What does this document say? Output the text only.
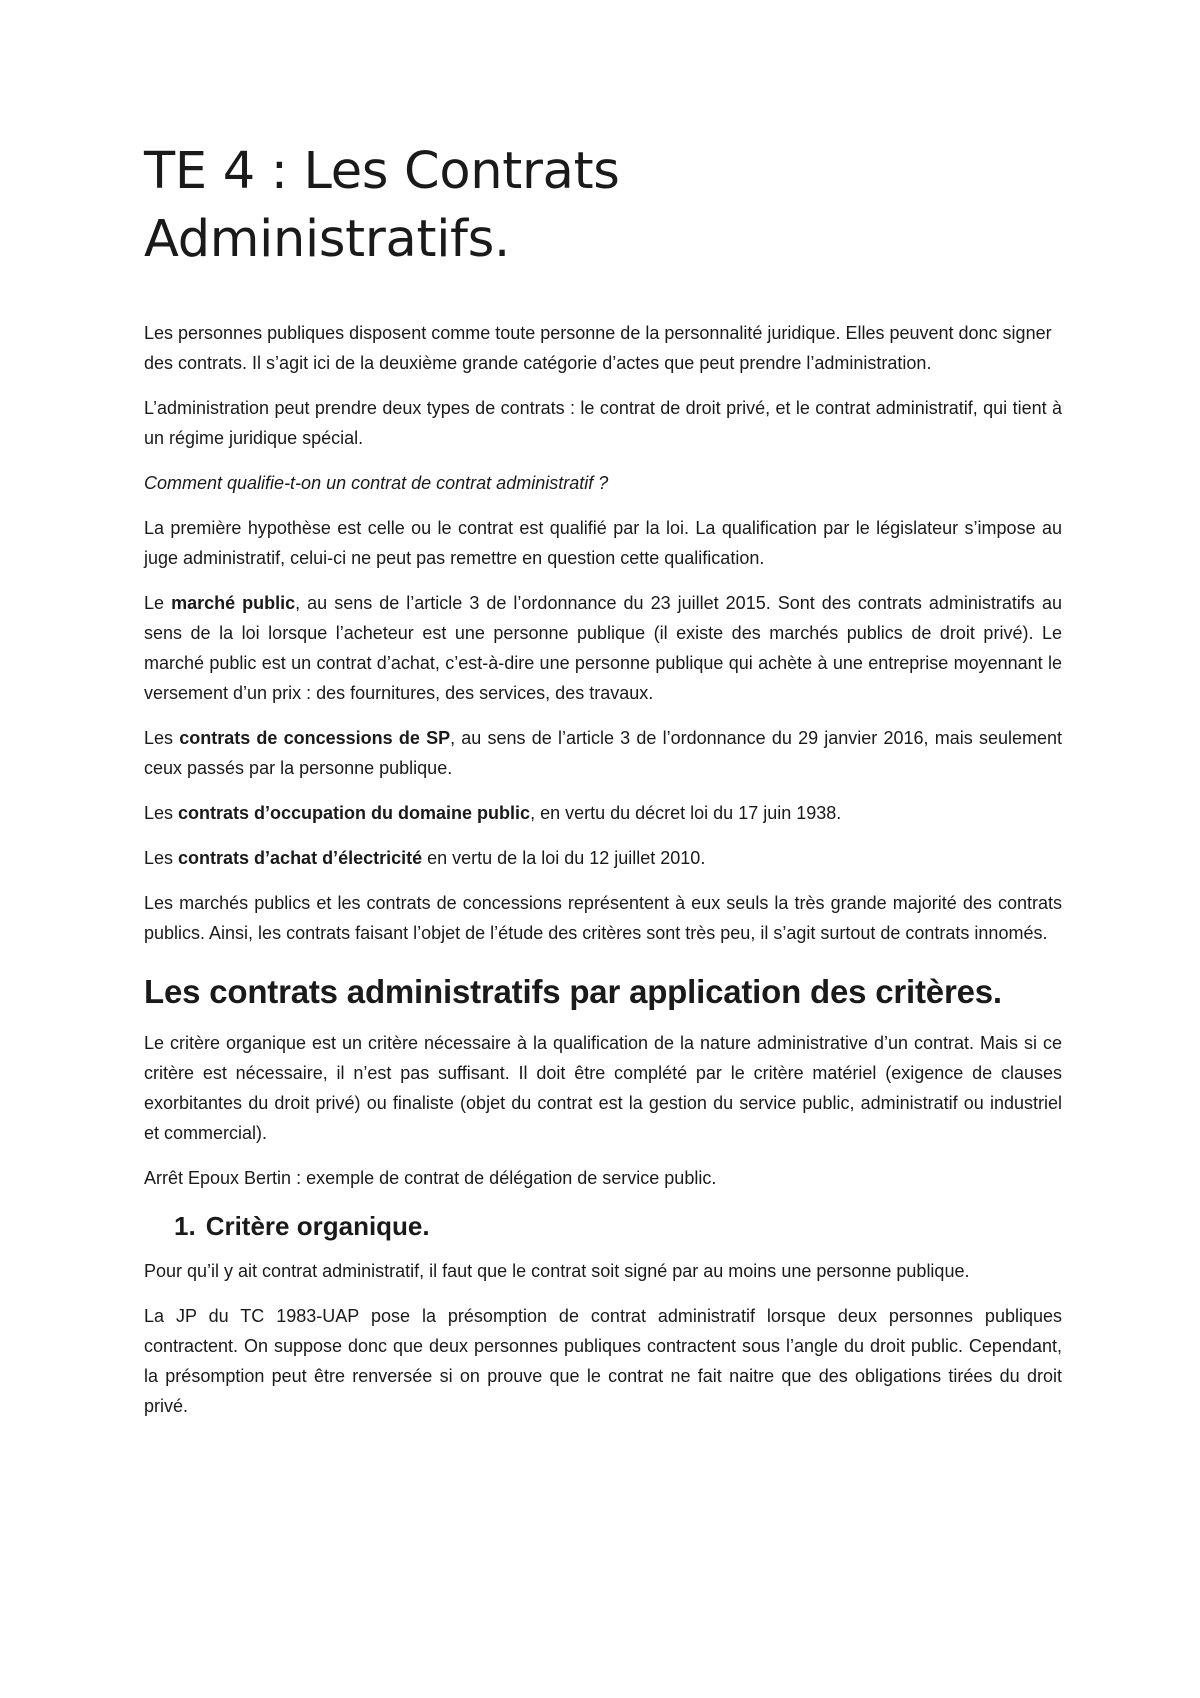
TE 4 : Les Contrats
Administratifs.

Les personnes publiques disposent comme toute personne de la personnalité juridique. Elles peuvent donc signer des contrats. Il s’agit ici de la deuxième grande catégorie d’actes que peut prendre l’administration.

L’administration peut prendre deux types de contrats : le contrat de droit privé, et le contrat administratif, qui tient à un régime juridique spécial.

Comment qualifie-t-on un contrat de contrat administratif ?

La première hypothèse est celle ou le contrat est qualifié par la loi. La qualification par le législateur s’impose au juge administratif, celui-ci ne peut pas remettre en question cette qualification.

Le marché public, au sens de l’article 3 de l’ordonnance du 23 juillet 2015. Sont des contrats administratifs au sens de la loi lorsque l’acheteur est une personne publique (il existe des marchés publics de droit privé). Le marché public est un contrat d’achat, c’est-à-dire une personne publique qui achète à une entreprise moyennant le versement d’un prix : des fournitures, des services, des travaux.

Les contrats de concessions de SP, au sens de l’article 3 de l’ordonnance du 29 janvier 2016, mais seulement ceux passés par la personne publique.

Les contrats d’occupation du domaine public, en vertu du décret loi du 17 juin 1938.

Les contrats d’achat d’électricité en vertu de la loi du 12 juillet 2010.

Les marchés publics et les contrats de concessions représentent à eux seuls la très grande majorité des contrats publics. Ainsi, les contrats faisant l’objet de l’étude des critères sont très peu, il s’agit surtout de contrats innomés.

Les contrats administratifs par application des critères.

Le critère organique est un critère nécessaire à la qualification de la nature administrative d’un contrat. Mais si ce critère est nécessaire, il n’est pas suffisant. Il doit être complété par le critère matériel (exigence de clauses exorbitantes du droit privé) ou finaliste (objet du contrat est la gestion du service public, administratif ou industriel et commercial).

Arrêt Epoux Bertin : exemple de contrat de délégation de service public.

1. Critère organique.

Pour qu’il y ait contrat administratif, il faut que le contrat soit signé par au moins une personne publique.

La JP du TC 1983-UAP pose la présomption de contrat administratif lorsque deux personnes publiques contractent. On suppose donc que deux personnes publiques contractent sous l’angle du droit public. Cependant, la présomption peut être renversée si on prouve que le contrat ne fait naitre que des obligations tirées du droit privé.
